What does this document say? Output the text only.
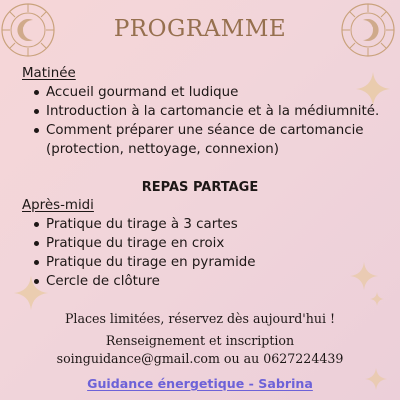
PROGRAMME
Matinée
Accueil gourmand et ludique
Introduction à la cartomancie et à la médiumnité.
Comment préparer une séance de cartomancie (protection, nettoyage, connexion)
REPAS PARTAGE
Après-midi
Pratique du tirage à 3 cartes
Pratique du tirage en croix
Pratique du tirage en pyramide
Cercle de clôture
Places limitées, réservez dès aujourd'hui !
Renseignement et inscription
soinguidance@gmail.com ou au 0627224439
Guidance énergetique - Sabrina
